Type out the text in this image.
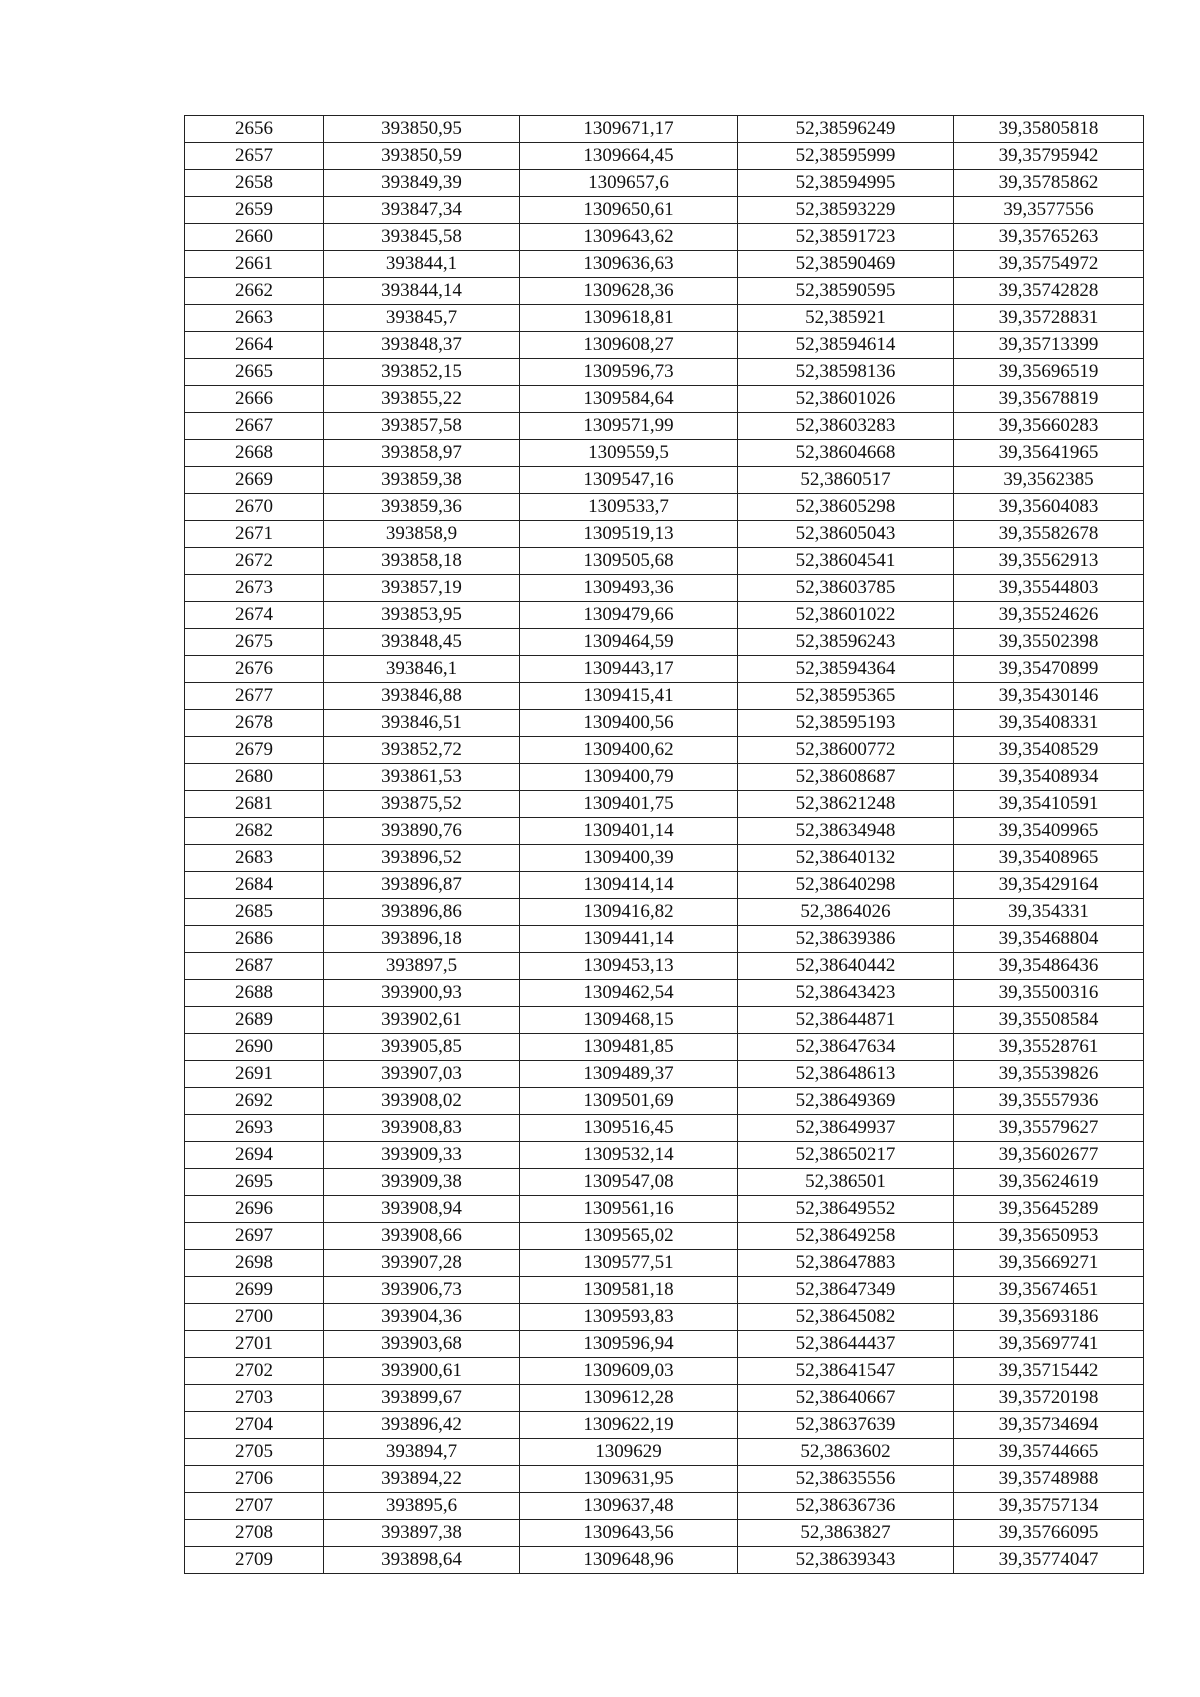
2656	393850,95	1309671,17	52,38596249	39,35805818
2657	393850,59	1309664,45	52,38595999	39,35795942
2658	393849,39	1309657,6	52,38594995	39,35785862
2659	393847,34	1309650,61	52,38593229	39,3577556
2660	393845,58	1309643,62	52,38591723	39,35765263
2661	393844,1	1309636,63	52,38590469	39,35754972
2662	393844,14	1309628,36	52,38590595	39,35742828
2663	393845,7	1309618,81	52,385921	39,35728831
2664	393848,37	1309608,27	52,38594614	39,35713399
2665	393852,15	1309596,73	52,38598136	39,35696519
2666	393855,22	1309584,64	52,38601026	39,35678819
2667	393857,58	1309571,99	52,38603283	39,35660283
2668	393858,97	1309559,5	52,38604668	39,35641965
2669	393859,38	1309547,16	52,3860517	39,3562385
2670	393859,36	1309533,7	52,38605298	39,35604083
2671	393858,9	1309519,13	52,38605043	39,35582678
2672	393858,18	1309505,68	52,38604541	39,35562913
2673	393857,19	1309493,36	52,38603785	39,35544803
2674	393853,95	1309479,66	52,38601022	39,35524626
2675	393848,45	1309464,59	52,38596243	39,35502398
2676	393846,1	1309443,17	52,38594364	39,35470899
2677	393846,88	1309415,41	52,38595365	39,35430146
2678	393846,51	1309400,56	52,38595193	39,35408331
2679	393852,72	1309400,62	52,38600772	39,35408529
2680	393861,53	1309400,79	52,38608687	39,35408934
2681	393875,52	1309401,75	52,38621248	39,35410591
2682	393890,76	1309401,14	52,38634948	39,35409965
2683	393896,52	1309400,39	52,38640132	39,35408965
2684	393896,87	1309414,14	52,38640298	39,35429164
2685	393896,86	1309416,82	52,3864026	39,354331
2686	393896,18	1309441,14	52,38639386	39,35468804
2687	393897,5	1309453,13	52,38640442	39,35486436
2688	393900,93	1309462,54	52,38643423	39,35500316
2689	393902,61	1309468,15	52,38644871	39,35508584
2690	393905,85	1309481,85	52,38647634	39,35528761
2691	393907,03	1309489,37	52,38648613	39,35539826
2692	393908,02	1309501,69	52,38649369	39,35557936
2693	393908,83	1309516,45	52,38649937	39,35579627
2694	393909,33	1309532,14	52,38650217	39,35602677
2695	393909,38	1309547,08	52,386501	39,35624619
2696	393908,94	1309561,16	52,38649552	39,35645289
2697	393908,66	1309565,02	52,38649258	39,35650953
2698	393907,28	1309577,51	52,38647883	39,35669271
2699	393906,73	1309581,18	52,38647349	39,35674651
2700	393904,36	1309593,83	52,38645082	39,35693186
2701	393903,68	1309596,94	52,38644437	39,35697741
2702	393900,61	1309609,03	52,38641547	39,35715442
2703	393899,67	1309612,28	52,38640667	39,35720198
2704	393896,42	1309622,19	52,38637639	39,35734694
2705	393894,7	1309629	52,3863602	39,35744665
2706	393894,22	1309631,95	52,38635556	39,35748988
2707	393895,6	1309637,48	52,38636736	39,35757134
2708	393897,38	1309643,56	52,3863827	39,35766095
2709	393898,64	1309648,96	52,38639343	39,35774047
